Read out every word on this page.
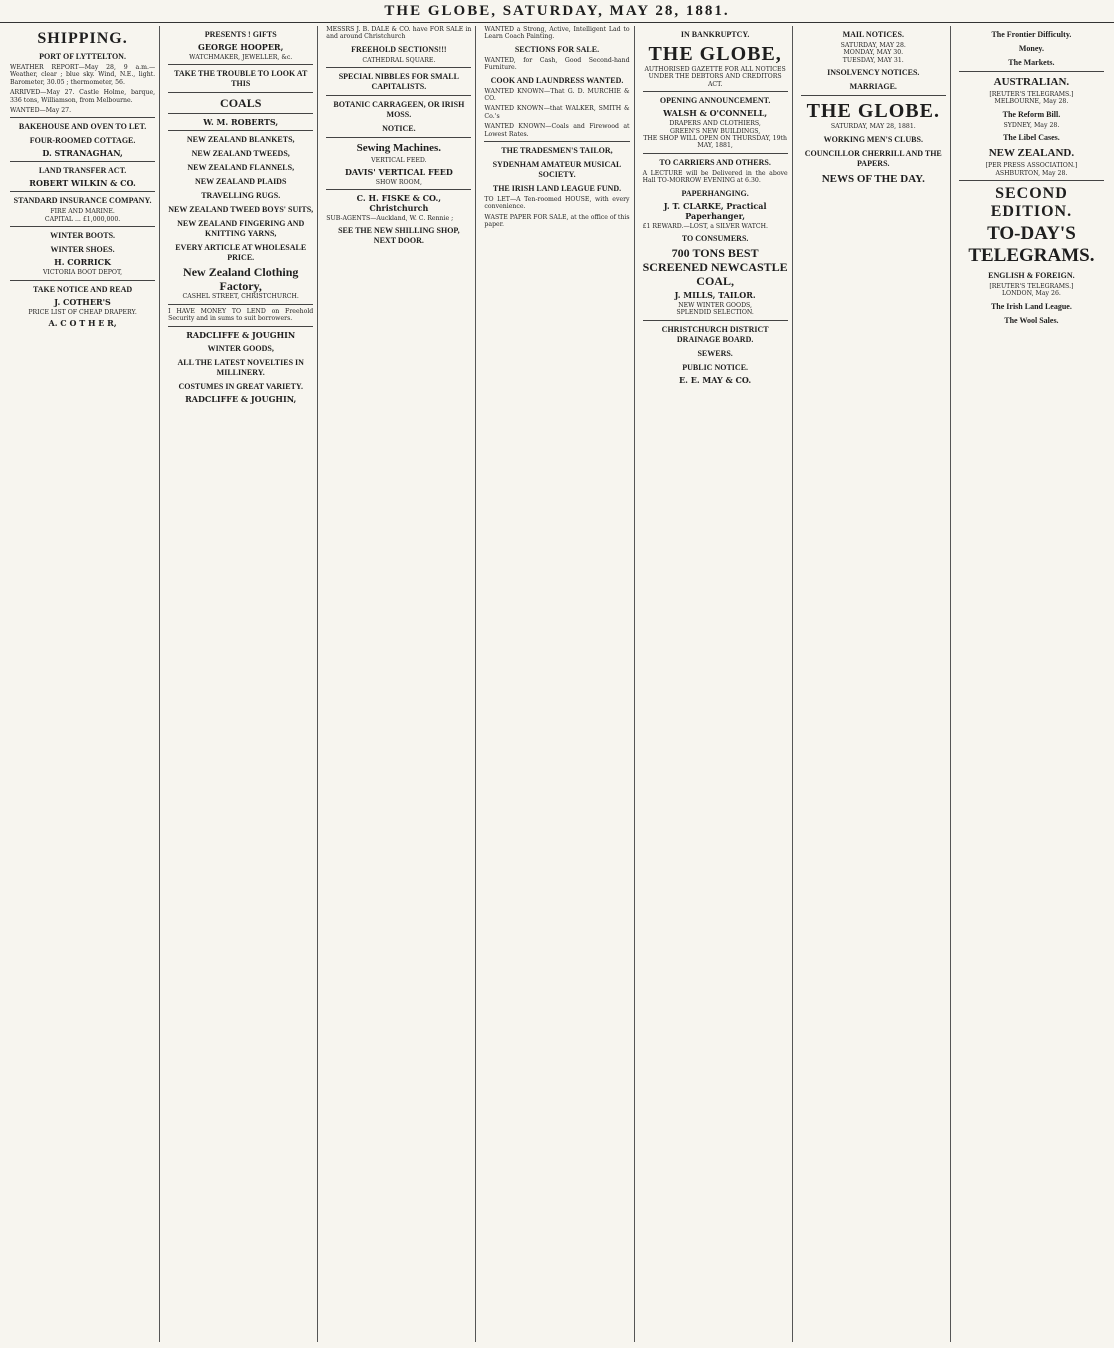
THE GLOBE, SATURDAY, MAY 28, 1881.
SHIPPING.
PORT OF LYTTELTON.

WEATHER REPORT—May 28, 9 a.m.— Weather, clear ; blue sky. Wind, N.E., light. Barometer, 30.05 ; thermometer, 56.

ARRIVED—May 27. Castle Holme, barque, 336 tons, Williamson, from Melbourne.

WANTED—May 27.

BAKEHOUSE AND OVEN TO LET.
FOUR-ROOMED COTTAGE.
D. STRANAGHAN,
LAND TRANSFER ACT.
ROBERT WILKIN & CO.
STANDARD INSURANCE COMPANY.
FIRE AND MARINE.
CAPITAL ... £1,000,000.
WINTER BOOTS.
WINTER SHOES.
H. CORRICK
VICTORIA BOOT DEPOT,
TAKE NOTICE AND READ
J. COTHER'S
PRICE LIST OF CHEAP DRAPERY.
A. C O T H E R,
PRESENTS ! GIFTS
GEORGE HOOPER,
WATCHMAKER, JEWELLER, &c.
TAKE THE TROUBLE TO LOOK AT THIS
COALS
W. M. ROBERTS,
NEW ZEALAND BLANKETS,
NEW ZEALAND TWEEDS,
NEW ZEALAND FLANNELS,
NEW ZEALAND PLAIDS
TRAVELLING RUGS.
NEW ZEALAND TWEED BOYS' SUITS,
NEW ZEALAND FINGERING AND KNITTING YARNS,
EVERY ARTICLE AT WHOLESALE PRICE.
New Zealand Clothing Factory,
CASHEL STREET, CHRISTCHURCH.

I HAVE MONEY TO LEND on Freehold Security and in sums to suit borrowers.

RADCLIFFE & JOUGHIN
WINTER GOODS,
ALL THE LATEST NOVELTIES IN MILLINERY.
COSTUMES IN GREAT VARIETY.
RADCLIFFE & JOUGHIN,

MESSRS J. B. DALE & CO. have FOR SALE in and around Christchurch

FREEHOLD SECTIONS!!!
CATHEDRAL SQUARE.
SPECIAL NIBBLES FOR SMALL CAPITALISTS.
BOTANIC CARRAGEEN, OR IRISH MOSS.
NOTICE.
Sewing Machines.
VERTICAL FEED.
DAVIS' VERTICAL FEED
SHOW ROOM,
C. H. FISKE & CO., Christchurch

SUB-AGENTS—Auckland, W. C. Rennie ;

SEE THE NEW SHILLING SHOP, NEXT DOOR.

WANTED a Strong, Active, Intelligent Lad to Learn Coach Painting.

SECTIONS FOR SALE.

WANTED, for Cash, Good Second-hand Furniture.

COOK AND LAUNDRESS WANTED.

WANTED KNOWN—That G. D. MURCHIE & CO.

WANTED KNOWN—that WALKER, SMITH & Co.'s

WANTED KNOWN—Coals and Firewood at Lowest Rates.

THE TRADESMEN'S TAILOR,
SYDENHAM AMATEUR MUSICAL SOCIETY.
THE IRISH LAND LEAGUE FUND.

TO LET—A Ten-roomed HOUSE, with every convenience.

WASTE PAPER FOR SALE, at the office of this paper.

IN BANKRUPTCY.
THE GLOBE,

AUTHORISED GAZETTE FOR ALL NOTICES UNDER THE DEBTORS AND CREDITORS ACT.

OPENING ANNOUNCEMENT.
WALSH & O'CONNELL,
DRAPERS AND CLOTHIERS,
GREEN'S NEW BUILDINGS,

THE SHOP WILL OPEN ON THURSDAY, 19th MAY, 1881,

TO CARRIERS AND OTHERS.

A LECTURE will be Delivered in the above Hall TO-MORROW EVENING at 6.30.

PAPERHANGING.
J. T. CLARKE, Practical Paperhanger,

£1 REWARD.—LOST, a SILVER WATCH.

TO CONSUMERS.
700 TONS BEST SCREENED NEWCASTLE COAL,
J. MILLS, TAILOR.
NEW WINTER GOODS,
SPLENDID SELECTION.
CHRISTCHURCH DISTRICT DRAINAGE BOARD.
SEWERS.
PUBLIC NOTICE.
E. E. MAY & CO.
MAIL NOTICES.
SATURDAY, MAY 28.
MONDAY, MAY 30.
TUESDAY, MAY 31.
INSOLVENCY NOTICES.
MARRIAGE.
THE GLOBE.
SATURDAY, MAY 28, 1881.
WORKING MEN'S CLUBS.
COUNCILLOR CHERRILL AND THE PAPERS.
NEWS OF THE DAY.
The Frontier Difficulty.
Money.
The Markets.
AUSTRALIAN.
[REUTER'S TELEGRAMS.]
MELBOURNE, May 28.
The Reform Bill.
SYDNEY, May 28.
The Libel Cases.
NEW ZEALAND.
[PER PRESS ASSOCIATION.]
ASHBURTON, May 28.
SECOND EDITION.
TO-DAY'S
TELEGRAMS.
ENGLISH & FOREIGN.
[REUTER'S TELEGRAMS.]
LONDON, May 26.
The Irish Land League.
The Wool Sales.
